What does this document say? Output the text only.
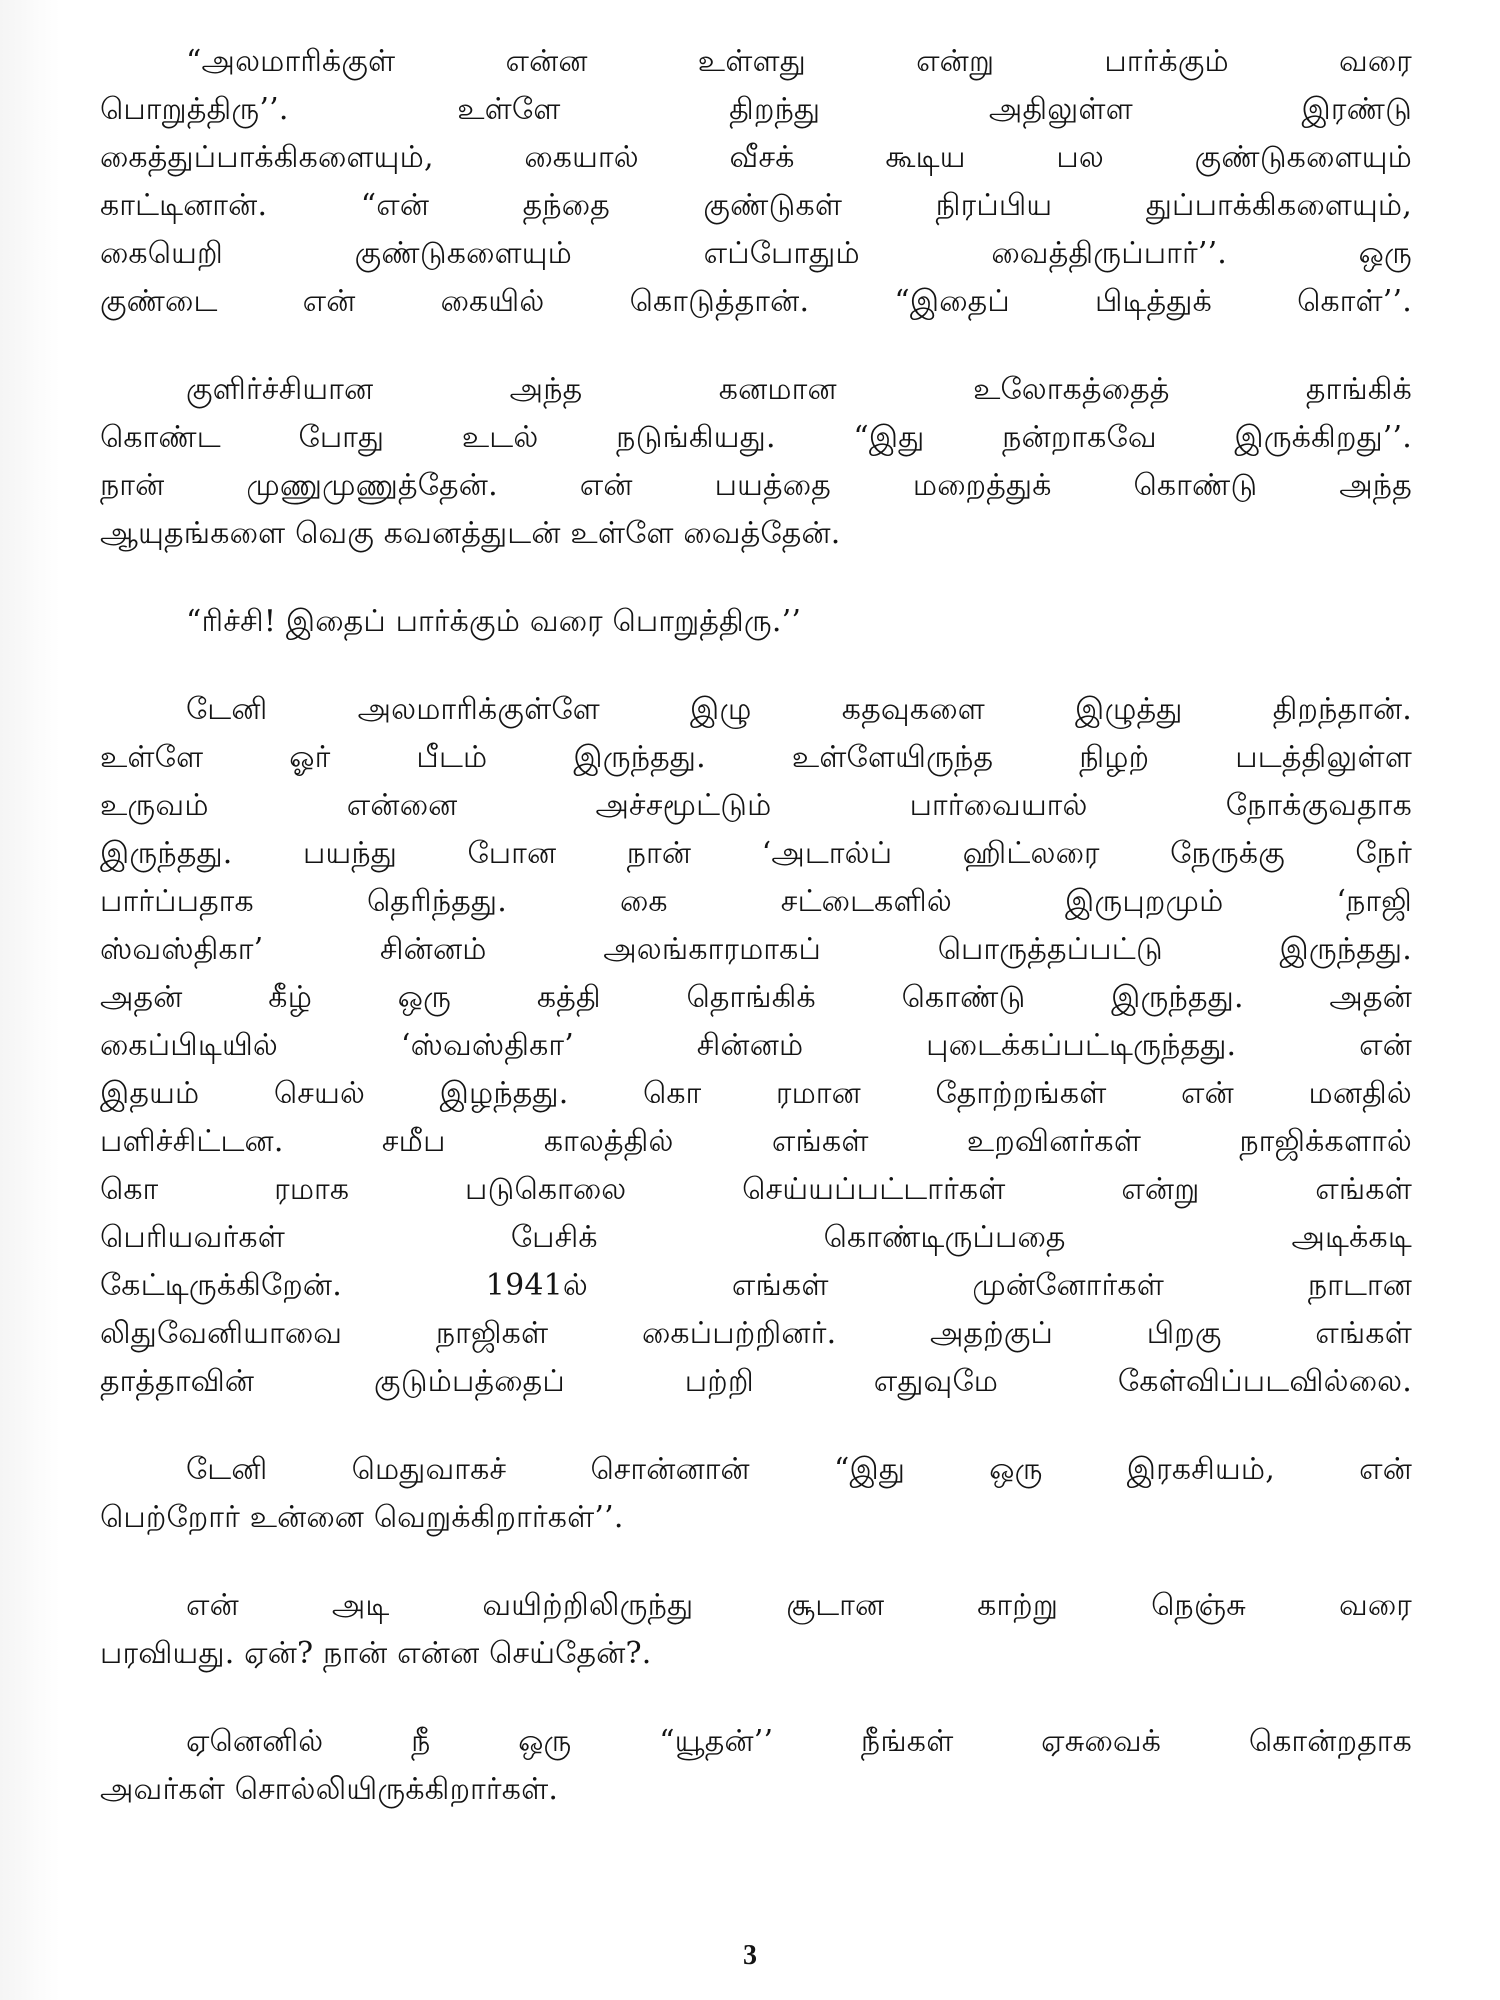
“அலமாரிக்குள் என்ன உள்ளது என்று பார்க்கும் வரை
பொறுத்திரு’’. உள்ளே திறந்து அதிலுள்ள இரண்டு
கைத்துப்பாக்கிகளையும், கையால் வீசக் கூடிய பல குண்டுகளையும்
காட்டினான். “என் தந்தை குண்டுகள் நிரப்பிய துப்பாக்கிகளையும்,
கையெறி குண்டுகளையும் எப்போதும் வைத்திருப்பார்’’. ஒரு
குண்டை என் கையில் கொடுத்தான். “இதைப் பிடித்துக் கொள்’’.

குளிர்ச்சியான அந்த கனமான உலோகத்தைத் தாங்கிக்
கொண்ட போது உடல் நடுங்கியது. “இது நன்றாகவே இருக்கிறது’’.
நான் முணுமுணுத்தேன். என் பயத்தை மறைத்துக் கொண்டு அந்த
ஆயுதங்களை வெகு கவனத்துடன் உள்ளே வைத்தேன்.

“ரிச்சி! இதைப் பார்க்கும் வரை பொறுத்திரு.’’

டேனி அலமாரிக்குள்ளே இழு கதவுகளை இழுத்து திறந்தான்.
உள்ளே ஓர் பீடம் இருந்தது. உள்ளேயிருந்த நிழற் படத்திலுள்ள
உருவம் என்னை அச்சமூட்டும் பார்வையால் நோக்குவதாக
இருந்தது. பயந்து போன நான் ‘அடால்ப் ஹிட்லரை நேருக்கு நேர்
பார்ப்பதாக தெரிந்தது. கை சட்டைகளில் இருபுறமும் ‘நாஜி
ஸ்வஸ்திகா’ சின்னம் அலங்காரமாகப் பொருத்தப்பட்டு இருந்தது.
அதன் கீழ் ஒரு கத்தி தொங்கிக் கொண்டு இருந்தது. அதன்
கைப்பிடியில் ‘ஸ்வஸ்திகா’ சின்னம் புடைக்கப்பட்டிருந்தது. என்
இதயம் செயல் இழந்தது. கொ ரமான தோற்றங்கள் என் மனதில்
பளிச்சிட்டன. சமீப காலத்தில் எங்கள் உறவினர்கள் நாஜிக்களால்
கொ ரமாக படுகொலை செய்யப்பட்டார்கள் என்று எங்கள்
பெரியவர்கள் பேசிக் கொண்டிருப்பதை அடிக்கடி
கேட்டிருக்கிறேன். 1941ல் எங்கள் முன்னோர்கள் நாடான
லிதுவேனியாவை நாஜிகள் கைப்பற்றினர். அதற்குப் பிறகு எங்கள்
தாத்தாவின் குடும்பத்தைப் பற்றி எதுவுமே கேள்விப்படவில்லை.

டேனி மெதுவாகச் சொன்னான் “இது ஒரு இரகசியம், என்
பெற்றோர் உன்னை வெறுக்கிறார்கள்’’.

என் அடி வயிற்றிலிருந்து சூடான காற்று நெஞ்சு வரை
பரவியது. ஏன்? நான் என்ன செய்தேன்?.

ஏனெனில் நீ ஒரு “யூதன்’’ நீங்கள் ஏசுவைக் கொன்றதாக
அவர்கள் சொல்லியிருக்கிறார்கள்.

3
